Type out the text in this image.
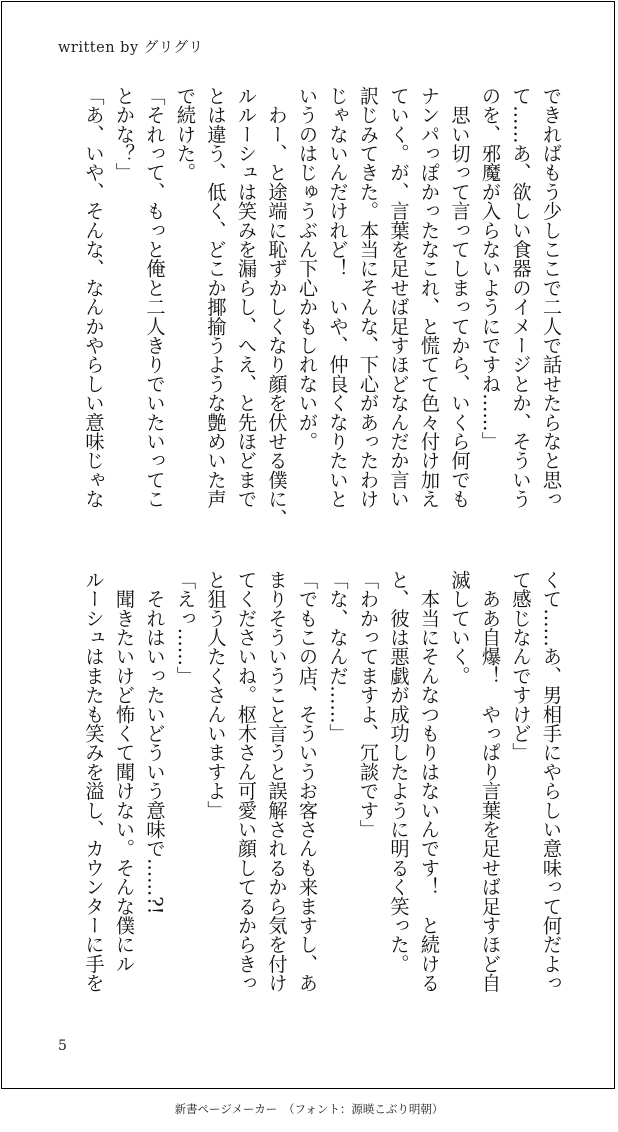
written by グリグリ
できればもう少しここで二人で話せたらなと思っ
て……あ、欲しい食器のイメージとか、そういう
のを、邪魔が入らないようにですね……」
　思い切って言ってしまってから、いくら何でも
ナンパっぽかったなこれ、と慌てて色々付け加え
ていく。が、言葉を足せば足すほどなんだか言い
訳じみてきた。本当にそんな、下心があったわけ
じゃないんだけれど！　いや、仲良くなりたいと
いうのはじゅうぶん下心かもしれないが。
　わー、と途端に恥ずかしくなり顔を伏せる僕に、
ルルーシュは笑みを漏らし、へえ、と先ほどまで
とは違う、低く、どこか揶揄うような艶めいた声
で続けた。
「それって、もっと俺と二人きりでいたいってこ
とかな？」
「あ、いや、そんな、なんかやらしい意味じゃな
くて……あ、男相手にやらしい意味って何だよっ
て感じなんですけど」
　ああ自爆！　やっぱり言葉を足せば足すほど自
滅していく。
　本当にそんなつもりはないんです！　と続ける
と、彼は悪戯が成功したように明るく笑った。
「わかってますよ、冗談です」
「な、なんだ……」
「でもこの店、そういうお客さんも来ますし、あ
まりそういうこと言うと誤解されるから気を付け
てくださいね。枢木さん可愛い顔してるからきっ
と狙う人たくさんいますよ」
「えっ……」
　それはいったいどういう意味で……?!
　聞きたいけど怖くて聞けない。そんな僕にル
ルーシュはまたも笑みを溢し、カウンターに手を
5
新書ページメーカー　（フォント：源暎こぶり明朝）
